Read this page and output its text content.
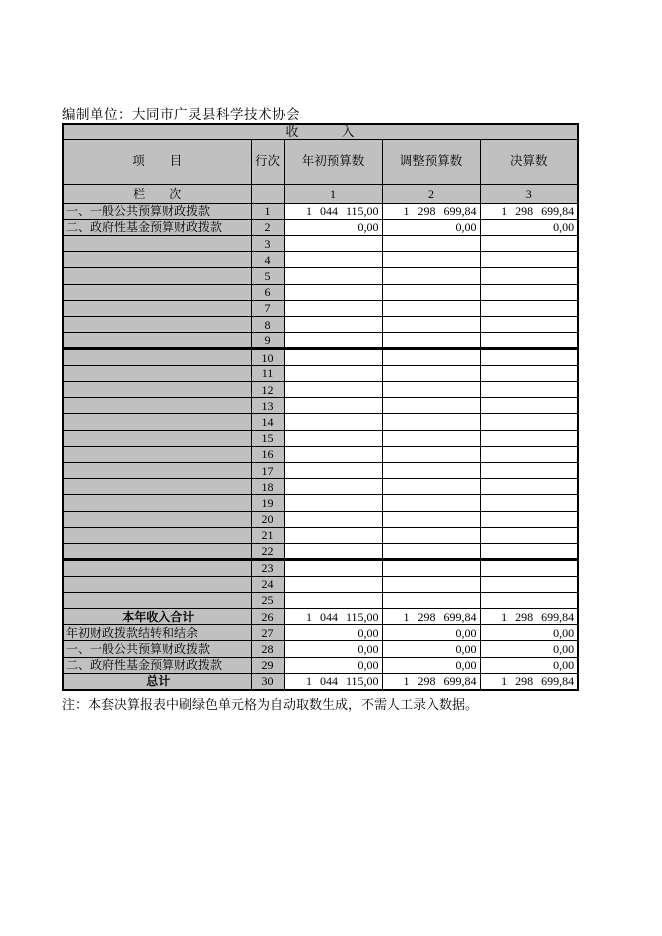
编制单位：大同市广灵县科学技术协会
收　　　入				
项　　目	行次	年初预算数	调整预算数	决算数
栏　　次		1	2	3
一、一般公共预算财政拨款	1	1 044 115,00	1 298 699,84	1 298 699,84
二、政府性基金预算财政拨款	2	0,00	0,00	0,00
	3			
	4			
	5			
	6			
	7			
	8			
	9			
	10			
	11			
	12			
	13			
	14			
	15			
	16			
	17			
	18			
	19			
	20			
	21			
	22			
	23			
	24			
	25			
本年收入合计	26	1 044 115,00	1 298 699,84	1 298 699,84
年初财政拨款结转和结余	27	0,00	0,00	0,00
一、一般公共预算财政拨款	28	0,00	0,00	0,00
二、政府性基金预算财政拨款	29	0,00	0,00	0,00
总计	30	1 044 115,00	1 298 699,84	1 298 699,84
注：本套决算报表中刷绿色单元格为自动取数生成，不需人工录入数据。
